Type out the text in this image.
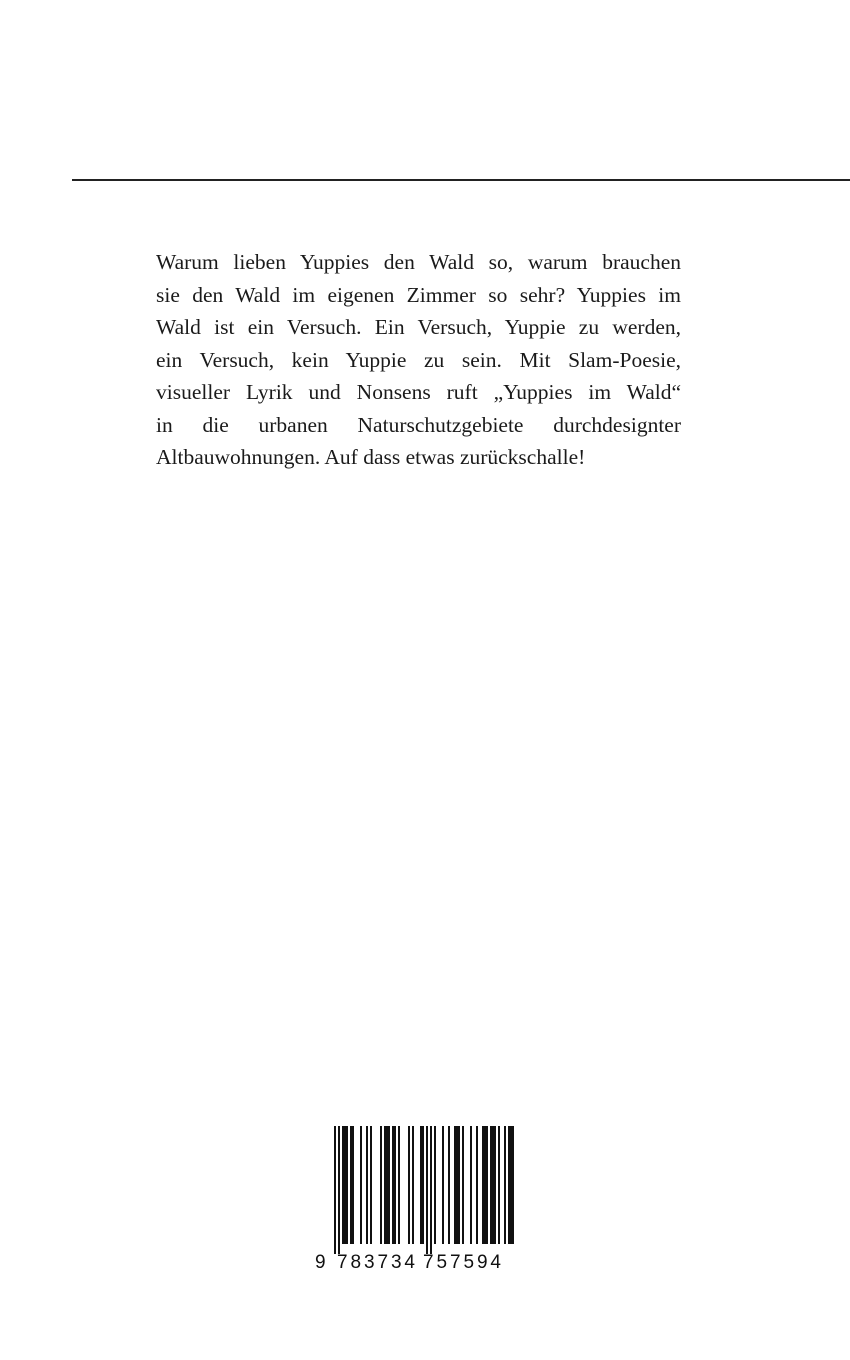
Warum lieben Yuppies den Wald so, warum brauchen
sie den Wald im eigenen Zimmer so sehr? Yuppies im
Wald ist ein Versuch. Ein Versuch, Yuppie zu werden,
ein Versuch, kein Yuppie zu sein. Mit Slam-Poesie,
visueller Lyrik und Nonsens ruft „Yuppies im Wald“
in die urbanen Naturschutzgebiete durchdesignter
Altbauwohnungen. Auf dass etwas zurückschalle!
9 783734 757594
